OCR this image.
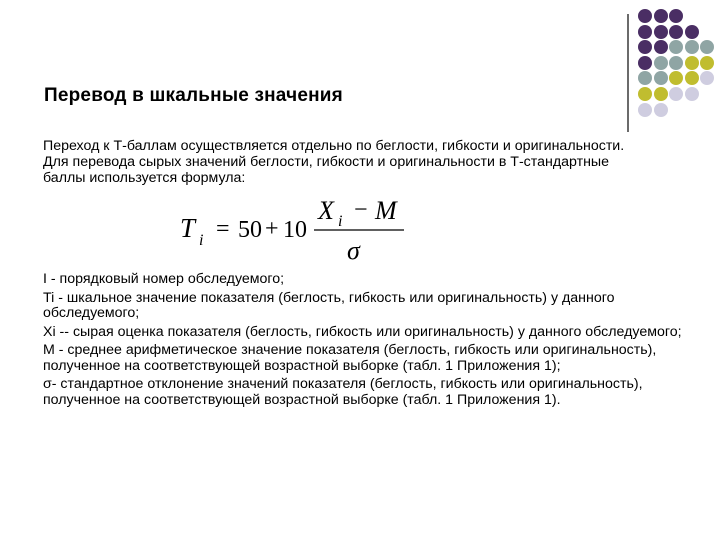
Перевод в шкальные значения
Переход к Т-баллам осуществляется отдельно по беглости, гибкости и оригинальности. Для перевода сырых значений беглости, гибкости и оригинальности в Т-стандартные баллы используется формула:
T i = 50 + 10
X i − M
σ

I - порядковый номер обследуемого;

Ti - шкальное значение показателя (беглость, гибкость или оригинальность) у данного обследуемого;

Xi -- сырая оценка показателя (беглость, гибкость или оригинальность) у данного обследуемого;

М - среднее арифметическое значение показателя (беглость, гибкость или оригинальность), полученное на соответствующей возрастной выборке (табл. 1 Приложения 1);

σ- стандартное отклонение значений показателя (беглость, гибкость или оригинальность), полученное на соответствующей возрастной выборке (табл. 1 Приложения 1).
